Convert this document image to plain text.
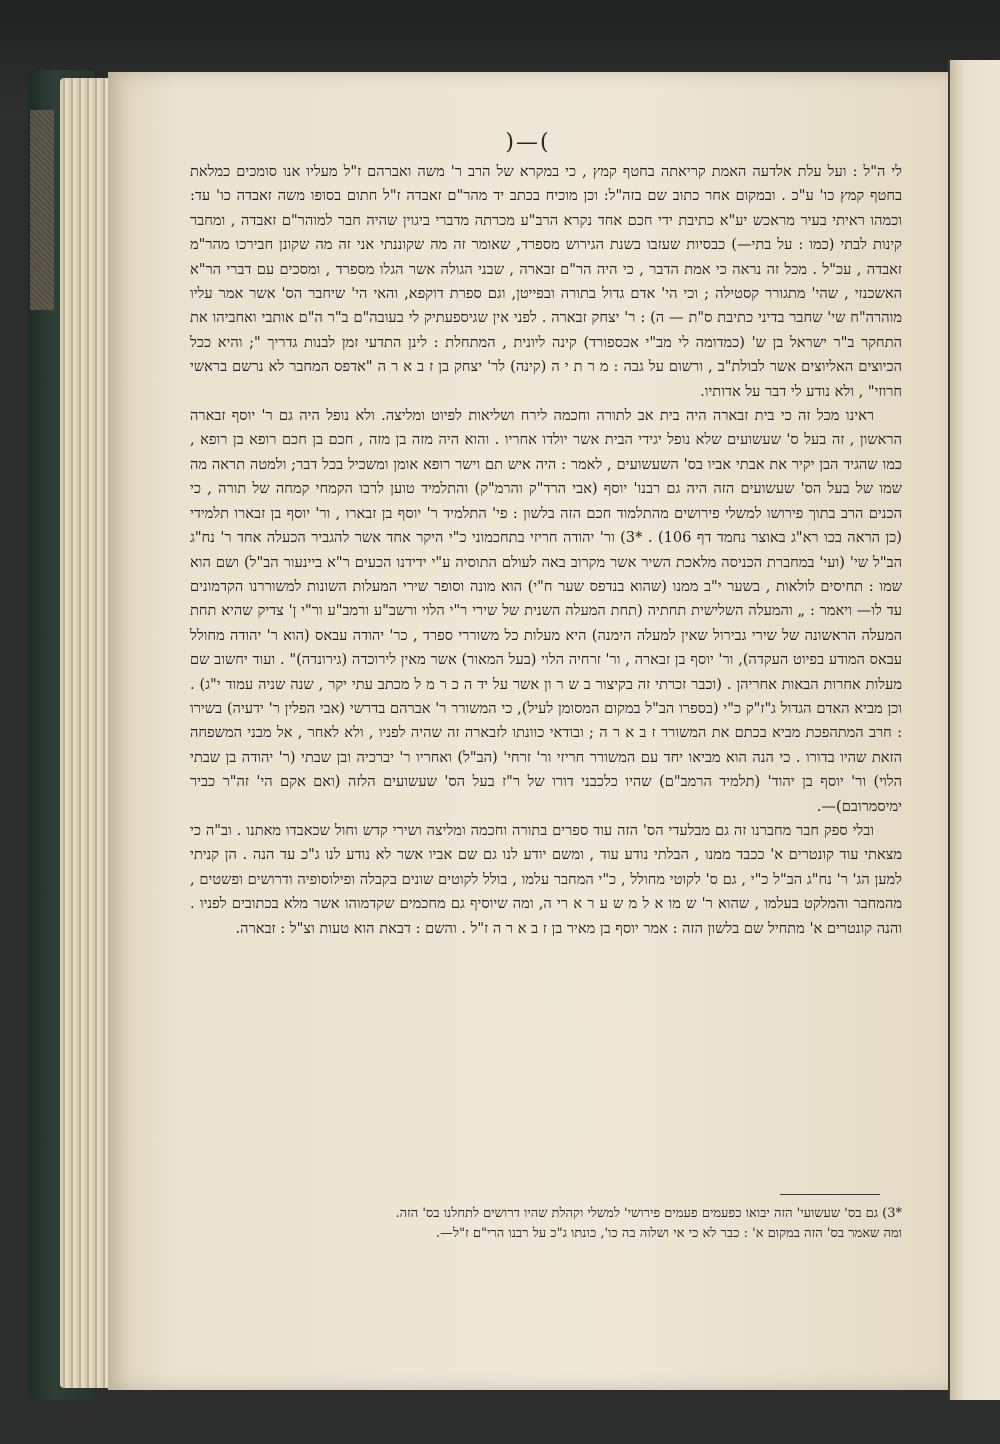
)—(

לי ה"ל : ועל עלת אלדעה האמת קריאתה בחטף קמץ , כי במקרא של הרב ר' משה ואברהם ז"ל מעליו אנו סומכים כמלאת בחטף קמץ כו' ע"כ . ובמקום אחר כתוב שם בזה"ל: וכן מוכיח בכתב יד מהר"ם זאבדה ז"ל חתום בסופו משה זאבדה כו' עד: וכמהו ראיתי בעיר מראכש יע"א כתיבת ידי חכם אחד נקרא הרב"ע מכרתה מדברי ביגוין שהיה חבר למוהר"ם זאבדה , ומחבר קינות לבתי (כמו : על בתי—) כבסיות שעזבו בשנת הגירוש מספרד, שאומר זה מה שקוננתי אני זה מה שקונן חבירכו מהר"מ זאבדה , עכ"ל . מכל זה נראה כי אמת הדבר , כי היה הר"ם זבארה , שבני הגולה אשר הגלו מספרד , ומסכים עם דברי הר"א האשכנזי , שהי' מתגורר קסטילה ; וכי הי' אדם גדול בתורה ובפייטן, וגם ספרת דוקפא, והאי הי' שיחבר הס' אשר אמר עליו מוהרה"ח שי' שחבר בדיני כתיבת ס"ת — ה) : ר' יצחק זבארה . לפני אין שגיספעתיק לי בעובה"ם ב"ר ה"ם אותבי ואחביהו את התחקר ב"ר ישראל בן ש' (כמדומה לי מב"י אכספורד) קינה ליונית , המתחלת : לינן התדעי זמן לבנות גדריך "; והיא ככל הכיוצים האליוצים אשר לבולת"ב , ורשום על גבה : מ ר ת י ה (קינה) לר' יצחק בן ז ב א ר ה "אדפס המחבר לא נרשם בראשי חרוזי" , ולא נודע לי דבר על אדותיו.

ראינו מכל זה כי בית זבארה היה בית אב לתורה וחכמה לירח ושליאות לפיוט ומליצה. ולא נופל היה גם ר' יוסף זבארה הראשון , זה בעל ס' שעשועים שלא נופל יגידי הבית אשר יולדו אחריו . והוא היה מזה בן מזה , חכם בן חכם רופא בן רופא , כמו שהגיד הבן יקיר את אבתי אביו בס' השעשועים , לאמר : היה איש תם וישר רופא אומן ומשכיל בכל דבר; ולמטה תראה מה שמו של בעל הס' שעשועים הזה היה גם רבנו' יוסף (אבי הרד"ק והרמ"ק) והתלמיד טוען לרבו הקמחי קמחה של תורה , כי הכנים הרב בתוך פירושו למשלי פירושים מהתלמוד חכם הזה בלשון : פי' התלמיד ר' יוסף בן זבארו , ור' יוסף בן זבארו תלמידי (כן הראה בכו רא"ג באוצר נחמד דף 106) . *3) ור' יהודה חריזי בתחכמוני כ"י היקר אחד אשר להגביר הכעלה אחד ר' נח"ג הב"ל שי' (ועי' במחברת הכניסה מלאכת השיר אשר מקרוב באה לעולם התוסיה ע"י ידידנו הכעים ר"א ביינעור הב"ל) ושם הוא שמו : תחיסים לולאות , בשער י"ב ממנו (שהוא בנדפס שער ח"י) הוא מונה וסופר שירי המעלות השונות למשוררנו הקדמונים עד לו— ויאמר : „ והמעלה השלישית תחתיה (תחת המעלה השנית של שירי ר"י הלוי ורשב"ע ורמב"ע ור"י ן' צדיק שהיא תחת המעלה הראשונה של שירי גבירול שאין למעלה הימנה) היא מעלות כל משוררי ספרד , כר' יהודה עבאס (הוא ר' יהודה מחולל עבאס המודע בפיוט העקדה), ור' יוסף בן זבארה , ור' זרחיה הלוי (בעל המאור) אשר מאין לירוכדה (גירונדה)" . ועוד יחשוב שם מעלות אחרות הבאות אחריהן . (וכבר זכרתי זה בקיצור ב ש ר ון אשר על יד ה כ ר מ ל מכתב עתי יקר , שנה שניה עמוד י"ג) . וכן מביא האדם הגדול ג"ז"ק כ"י (בספרו הב"ל במקום המסומן לעיל), כי המשורר ר' אברהם בדרשי (אבי הפלין ר' ידעיה) בשירו : חרב המתהפכת מביא בכתם את המשורר ז ב א ר ה ; ובודאי כוונתו לזבארה זה שהיה לפניו , ולא לאחר , אל מבני המשפחה הזאת שהיו בדורו . כי הנה הוא מביאו יחד עם המשורר חריזי ור' זרחי' (הב"ל) ואחריו ר' יברכיה ובן שבתי (ר' יהודה בן שבתי הלוי) ור' יוסף בן יהוד' (תלמיד הרמב"ם) שהיו כלכבני דורו של ר"ז בעל הס' שעשועים הלזה (ואם אקם הי' זה"ר כביר ימיסמרובם)—.

ובלי ספק חבר מחברנו זה גם מבלעדי הס' הזה עוד ספרים בתורה וחכמה ומליצה ושירי קדש וחול שכאבדו מאתנו . וב"ה כי מצאתי עוד קונטרים א' ככבד ממנו , הבלתי נודע עוד , ומשם יודע לנו גם שם אביו אשר לא נודע לנו ג"כ עד הנה . הן קניתי למען הג' ר' נח"ג הב"ל כ"י , גם ס' לקוטי מחולל , כ"י המחבר עלמו , בולל לקוטים שונים בקבלה ופילוסופיה ודרושים ופשטים , מהמחבר והמלקט בעלמו , שהוא ר' ש מו א ל מ ש ע ר א רי ה, ומה שיוסיף גם מחכמים שקדמוהו אשר מלא בכתובים לפניו . והנה קונטרים א' מתחיל שם בלשון הזה : אמר יוסף בן מאיר בן ז ב א ר ה ז"ל . והשם : דבאת הוא טעות וצ"ל : זבארה.

*3) גם בס' שעשועי' הזה יבואו כפעמים פעמים פירושי' למשלי וקהלת שהיו דרושים לתחלנו בס' הזה.

ומה שאמר בס' הזה במקום א' : כבר לא כי אי ושלוה בה כו', כונתו ג"כ על רבנו הרי"ם ז"ל—.
